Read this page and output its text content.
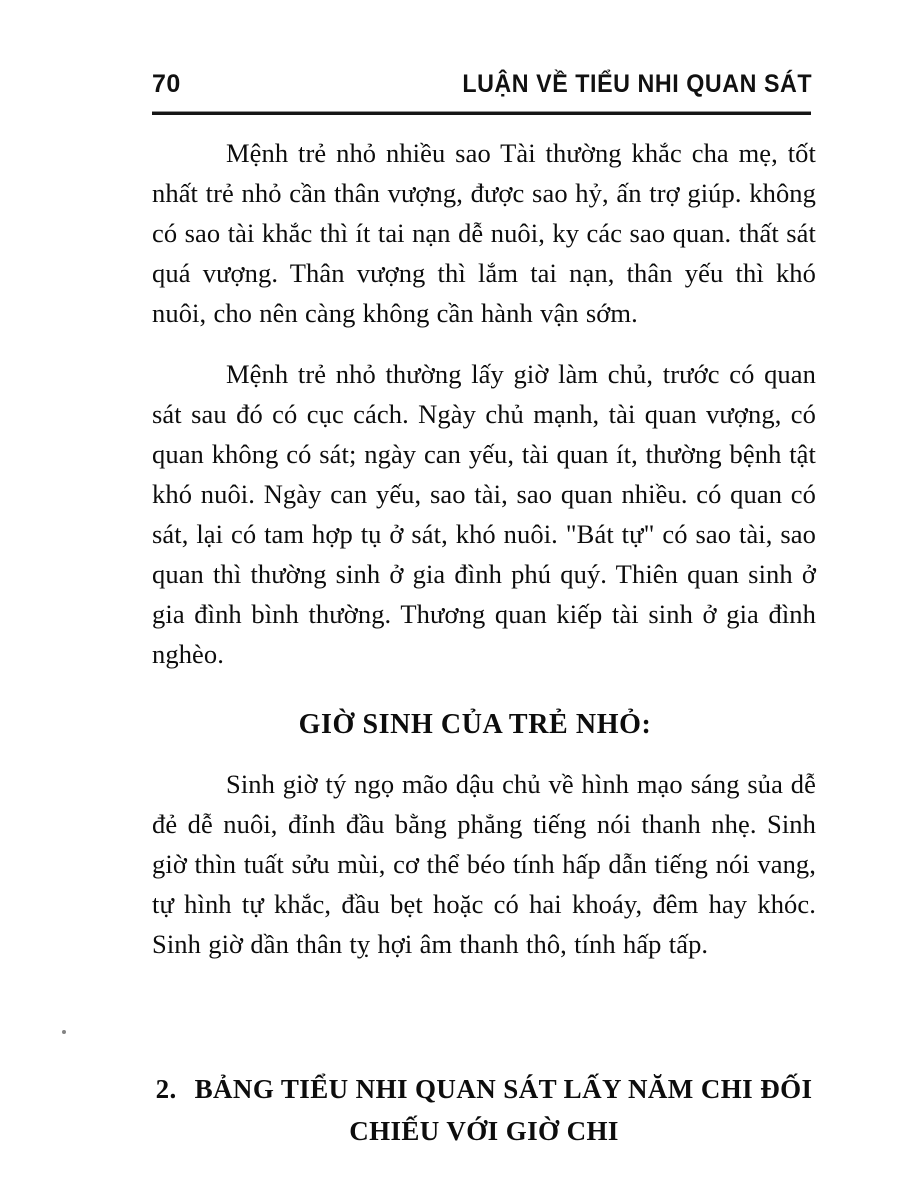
70	LUẬN VỀ TIỂU NHI QUAN SÁT

Mệnh trẻ nhỏ nhiều sao Tài thường khắc cha mẹ, tốt nhất trẻ nhỏ cần thân vượng, được sao hỷ, ấn trợ giúp. không có sao tài khắc thì ít tai nạn dễ nuôi, ky các sao quan. thất sát quá vượng. Thân vượng thì lắm tai nạn, thân yếu thì khó nuôi, cho nên càng không cần hành vận sớm.

Mệnh trẻ nhỏ thường lấy giờ làm chủ, trước có quan sát sau đó có cục cách. Ngày chủ mạnh, tài quan vượng, có quan không có sát; ngày can yếu, tài quan ít, thường bệnh tật khó nuôi. Ngày can yếu, sao tài, sao quan nhiều. có quan có sát, lại có tam hợp tụ ở sát, khó nuôi. "Bát tự" có sao tài, sao quan thì thường sinh ở gia đình phú quý. Thiên quan sinh ở gia đình bình thường. Thương quan kiếp tài sinh ở gia đình nghèo.

GIỜ SINH CỦA TRẺ NHỎ:

Sinh giờ tý ngọ mão dậu chủ về hình mạo sáng sủa dễ đẻ dễ nuôi, đỉnh đầu bằng phẳng tiếng nói thanh nhẹ. Sinh giờ thìn tuất sửu mùi, cơ thể béo tính hấp dẫn tiếng nói vang, tự hình tự khắc, đầu bẹt hoặc có hai khoáy, đêm hay khóc. Sinh giờ dần thân tỵ hợi âm thanh thô, tính hấp tấp.

2. BẢNG TIỂU NHI QUAN SÁT LẤY NĂM CHI ĐỐI
CHIẾU VỚI GIỜ CHI
